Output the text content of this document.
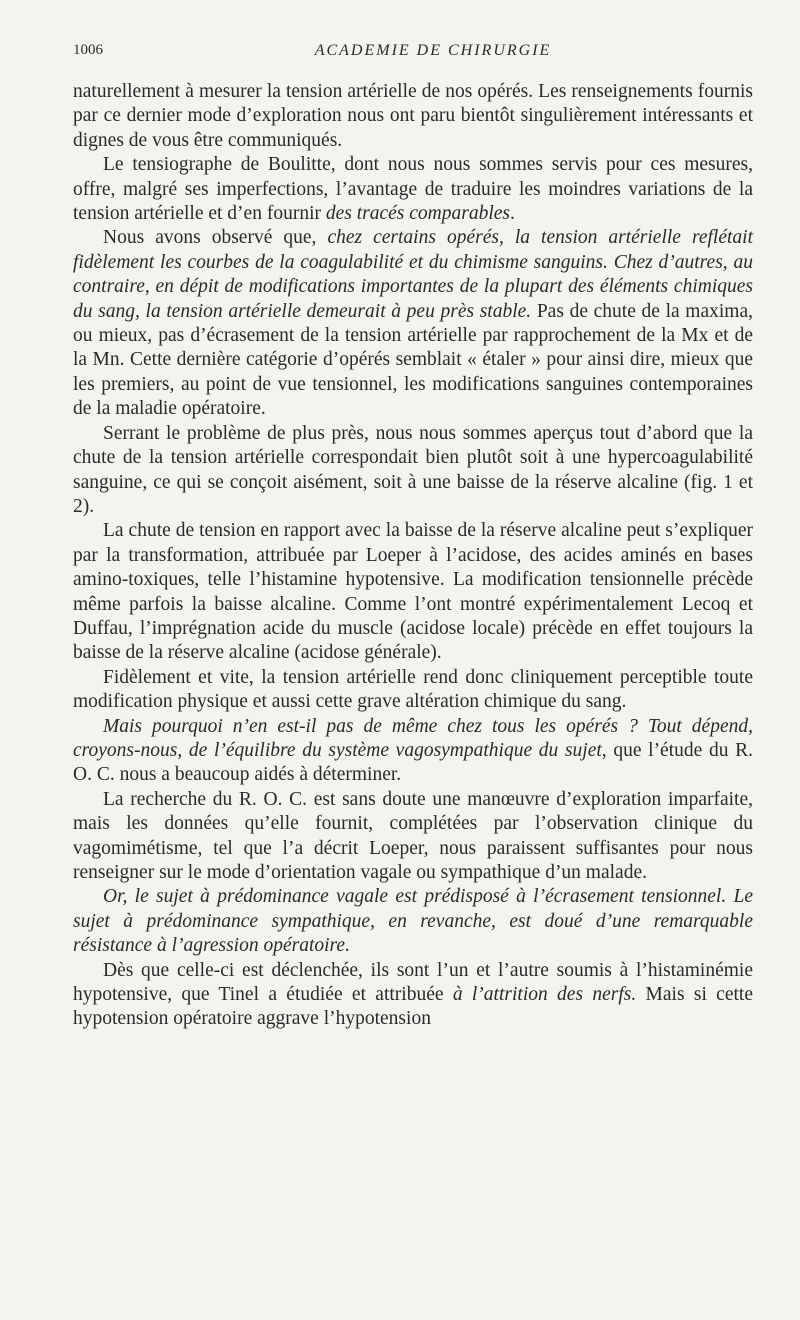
1006	ACADEMIE DE CHIRURGIE

naturellement à mesurer la tension artérielle de nos opérés. Les renseignements fournis par ce dernier mode d’exploration nous ont paru bientôt singulièrement intéressants et dignes de vous être communiqués.

Le tensiographe de Boulitte, dont nous nous sommes servis pour ces mesures, offre, malgré ses imperfections, l’avantage de traduire les moindres variations de la tension artérielle et d’en fournir des tracés comparables.

Nous avons observé que, chez certains opérés, la tension artérielle reflétait fidèlement les courbes de la coagulabilité et du chimisme sanguins. Chez d’autres, au contraire, en dépit de modifications importantes de la plupart des éléments chimiques du sang, la tension artérielle demeurait à peu près stable. Pas de chute de la maxima, ou mieux, pas d’écrasement de la tension artérielle par rapprochement de la Mx et de la Mn. Cette dernière catégorie d’opérés semblait « étaler » pour ainsi dire, mieux que les premiers, au point de vue tensionnel, les modifications sanguines contemporaines de la maladie opératoire.

Serrant le problème de plus près, nous nous sommes aperçus tout d’abord que la chute de la tension artérielle correspondait bien plutôt soit à une hypercoagulabilité sanguine, ce qui se conçoit aisément, soit à une baisse de la réserve alcaline (fig. 1 et 2).

La chute de tension en rapport avec la baisse de la réserve alcaline peut s’expliquer par la transformation, attribuée par Loeper à l’acidose, des acides aminés en bases amino-toxiques, telle l’histamine hypotensive. La modification tensionnelle précède même parfois la baisse alcaline. Comme l’ont montré expérimentalement Lecoq et Duffau, l’imprégnation acide du muscle (acidose locale) précède en effet toujours la baisse de la réserve alcaline (acidose générale).

Fidèlement et vite, la tension artérielle rend donc cliniquement perceptible toute modification physique et aussi cette grave altération chimique du sang.

Mais pourquoi n’en est-il pas de même chez tous les opérés ? Tout dépend, croyons-nous, de l’équilibre du système vagosympathique du sujet, que l’étude du R. O. C. nous a beaucoup aidés à déterminer.

La recherche du R. O. C. est sans doute une manœuvre d’exploration imparfaite, mais les données qu’elle fournit, complétées par l’observation clinique du vagomimétisme, tel que l’a décrit Loeper, nous paraissent suffisantes pour nous renseigner sur le mode d’orientation vagale ou sympathique d’un malade.

Or, le sujet à prédominance vagale est prédisposé à l’écrasement tensionnel. Le sujet à prédominance sympathique, en revanche, est doué d’une remarquable résistance à l’agression opératoire.

Dès que celle-ci est déclenchée, ils sont l’un et l’autre soumis à l’histaminémie hypotensive, que Tinel a étudiée et attribuée à l’attrition des nerfs. Mais si cette hypotension opératoire aggrave l’hypotension
